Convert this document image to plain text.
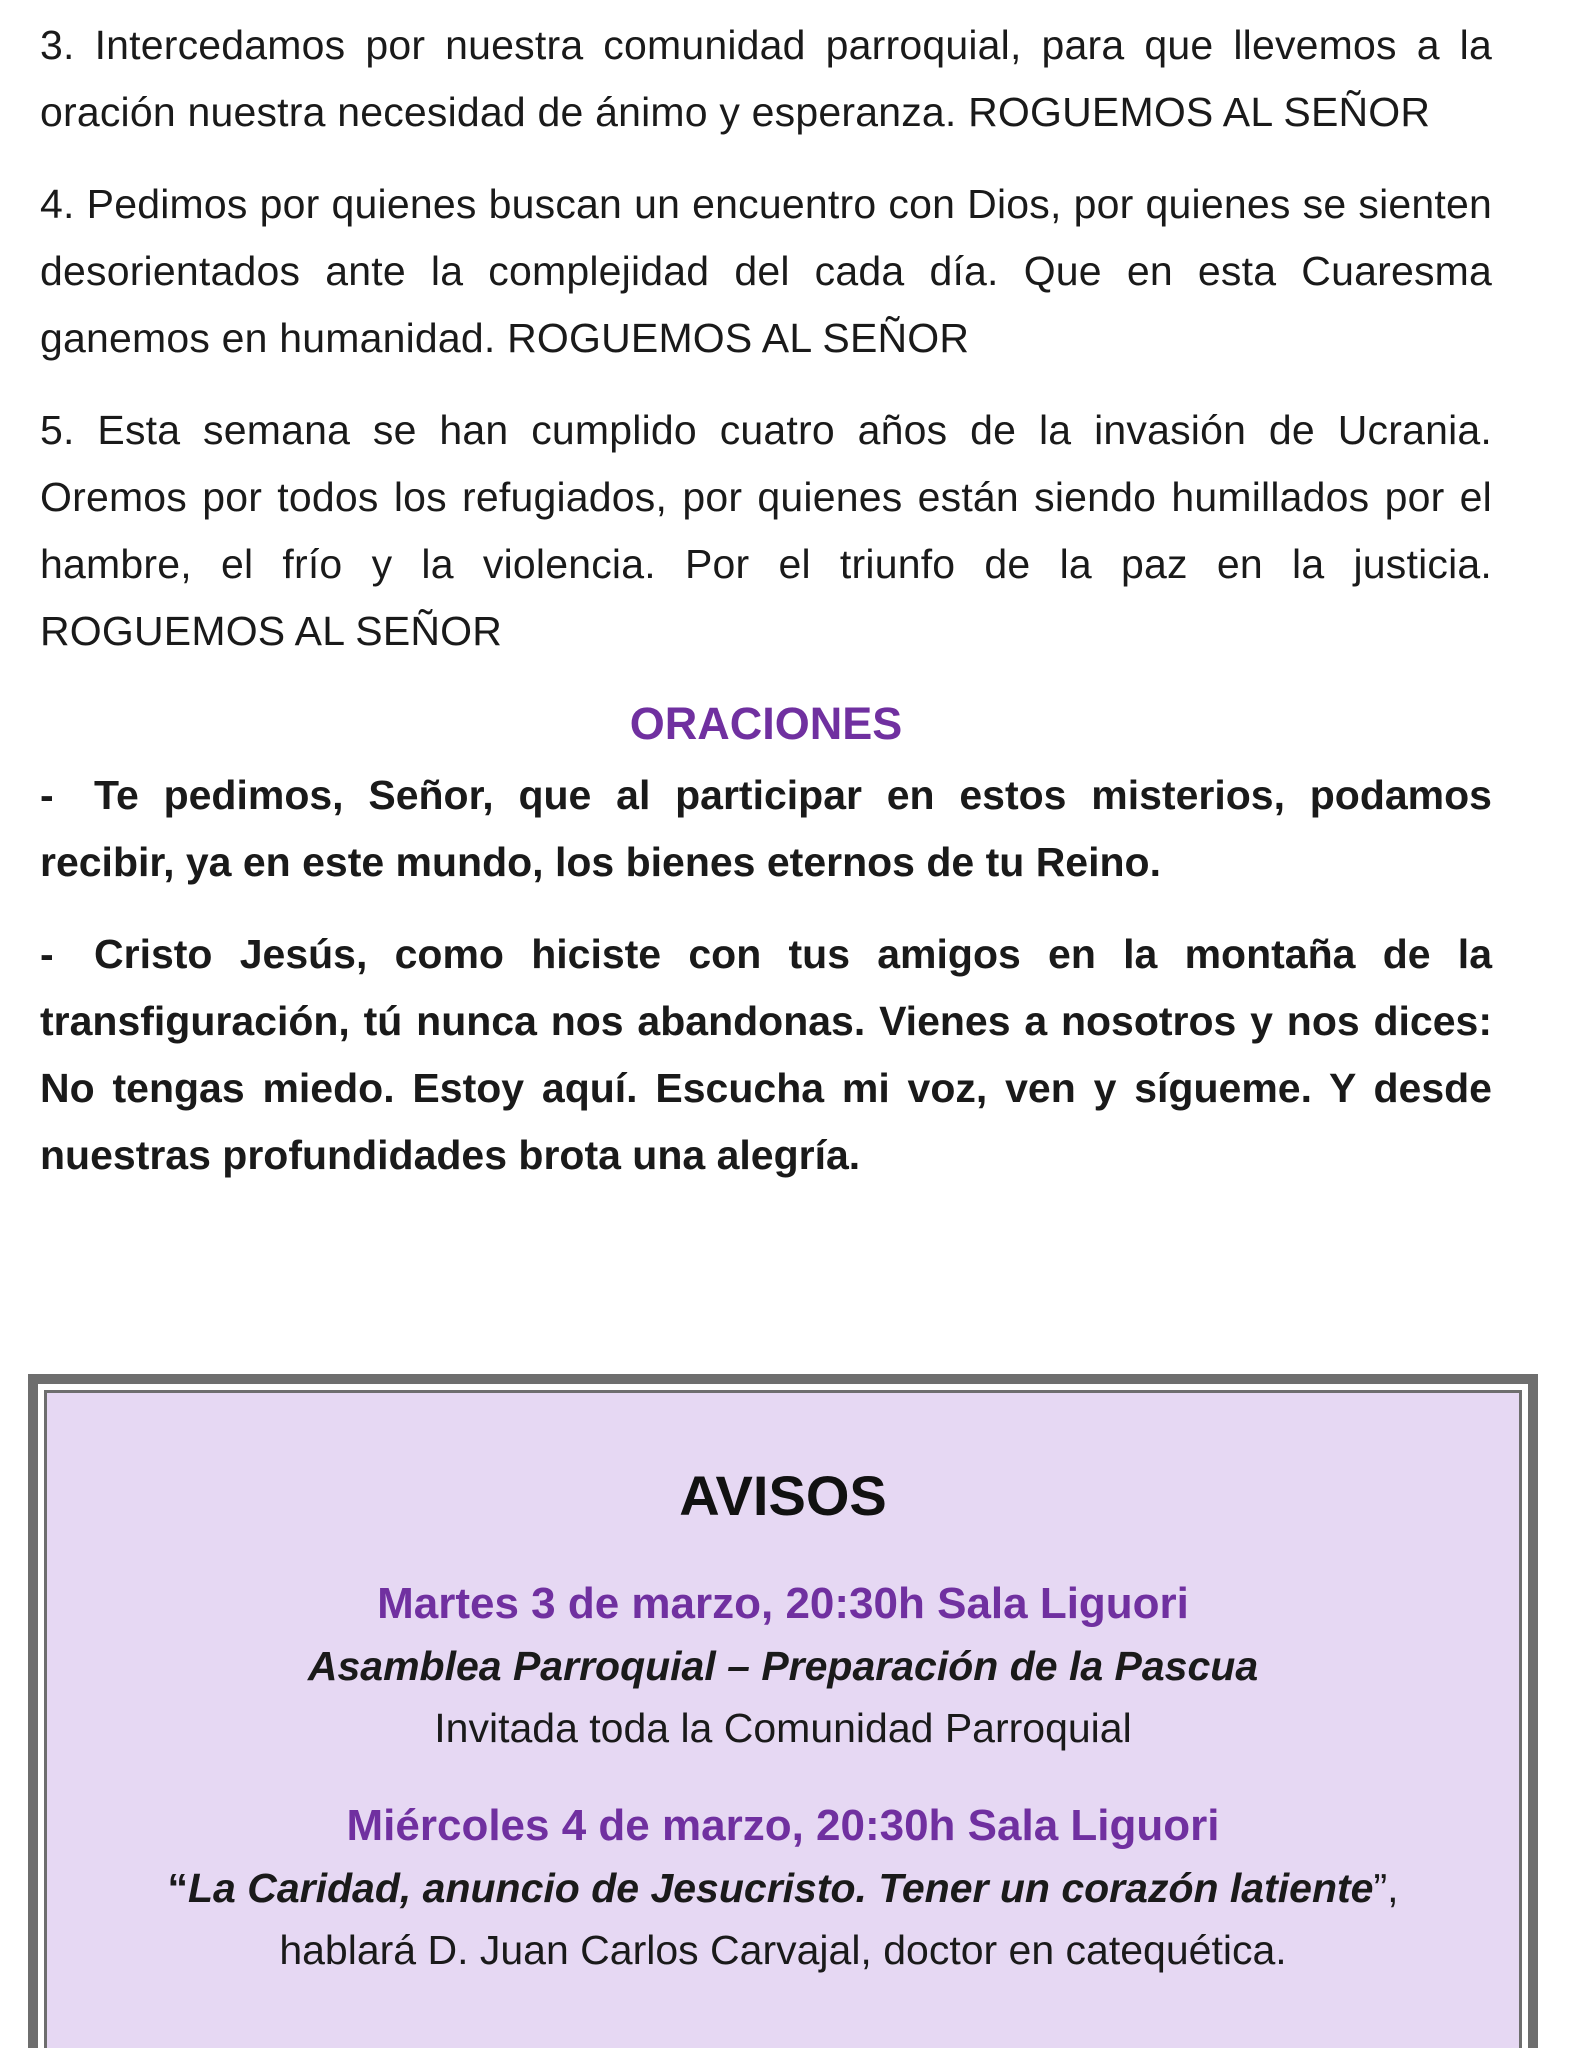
3. Intercedamos por nuestra comunidad parroquial, para que llevemos a la oración nuestra necesidad de ánimo y esperanza. ROGUEMOS AL SEÑOR

4. Pedimos por quienes buscan un encuentro con Dios, por quienes se sienten desorientados ante la complejidad del cada día. Que en esta Cuaresma ganemos en humanidad. ROGUEMOS AL SEÑOR

5. Esta semana se han cumplido cuatro años de la invasión de Ucrania. Oremos por todos los refugiados, por quienes están siendo humillados por el hambre, el frío y la violencia. Por el triunfo de la paz en la justicia. ROGUEMOS AL SEÑOR

ORACIONES

- Te pedimos, Señor, que al participar en estos misterios, podamos recibir, ya en este mundo, los bienes eternos de tu Reino.

- Cristo Jesús, como hiciste con tus amigos en la montaña de la transfiguración, tú nunca nos abandonas. Vienes a nosotros y nos dices: No tengas miedo. Estoy aquí. Escucha mi voz, ven y sígueme. Y desde nuestras profundidades brota una alegría.

AVISOS
Martes 3 de marzo, 20:30h Sala Liguori
Asamblea Parroquial – Preparación de la Pascua
Invitada toda la Comunidad Parroquial
Miércoles 4 de marzo, 20:30h Sala Liguori
“La Caridad, anuncio de Jesucristo. Tener un corazón latiente”,
hablará D. Juan Carlos Carvajal, doctor en catequética.
